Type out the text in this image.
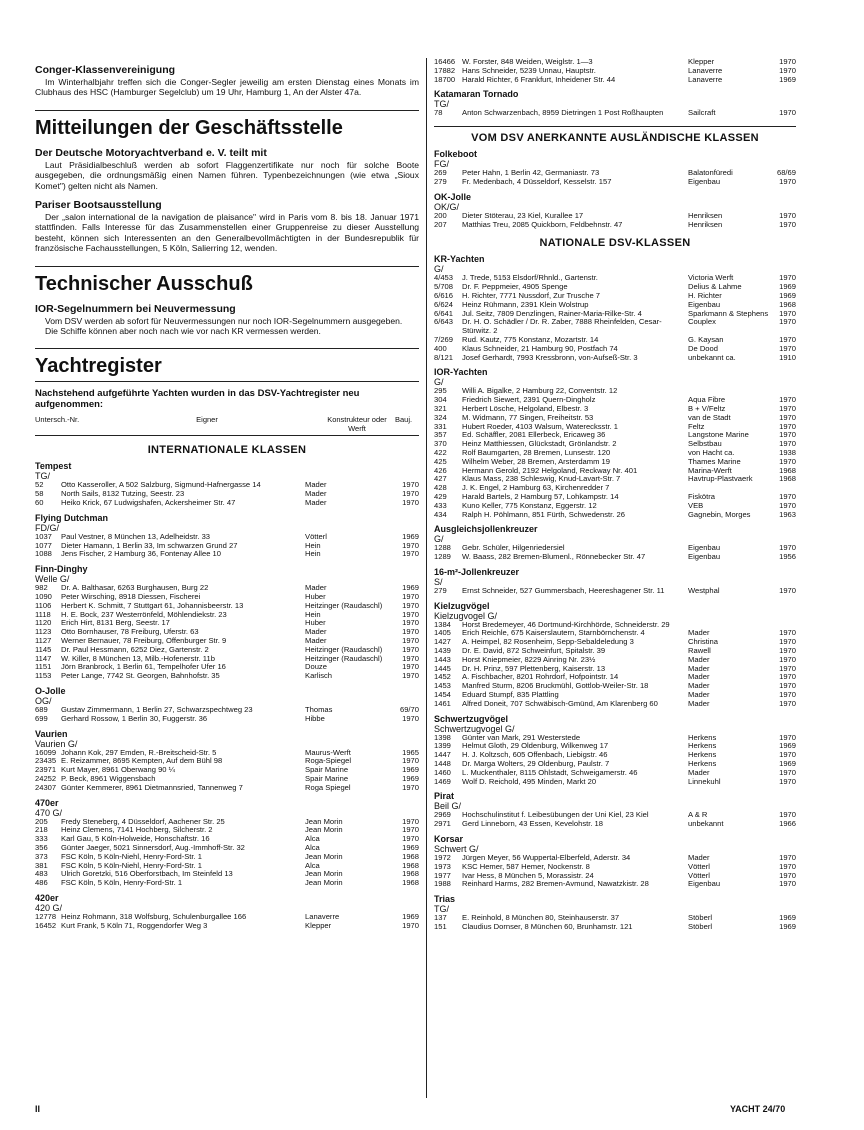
Conger-Klassenvereinigung

Im Winterhalbjahr treffen sich die Conger-Segler jeweilig am ersten Dienstag eines Monats im Clubhaus des HSC (Hamburger Segelclub) um 19 Uhr, Hamburg 1, An der Alster 47a.

Mitteilungen der Geschäftsstelle
Der Deutsche Motoryachtverband e. V. teilt mit

Laut Präsidialbeschluß werden ab sofort Flaggenzertifikate nur noch für solche Boote ausgegeben, die ordnungsmäßig einen Namen führen. Typenbezeichnungen (wie etwa „Sioux Komet") gelten nicht als Namen.

Pariser Bootsausstellung

Der „salon international de la navigation de plaisance" wird in Paris vom 8. bis 18. Januar 1971 stattfinden. Falls Interesse für das Zusammenstellen einer Gruppenreise zu dieser Ausstellung besteht, können sich Interessenten an den Generalbevollmächtigten in der Bundesrepublik für französische Fachausstellungen, 5 Köln, Salierring 12, wenden.

Technischer Ausschuß
IOR-Segelnummern bei Neuvermessung

Vom DSV werden ab sofort für Neuvermessungen nur noch IOR-Segelnummern ausgegeben.

Die Schiffe können aber noch nach wie vor nach KR vermessen werden.

Yachtregister
Nachstehend aufgeführte Yachten wurden in das DSV-Yachtregister neu aufgenommen:
Untersch.-Nr.	Eigner	Konstrukteur oder Werft
Bauj.
INTERNATIONALE KLASSEN
Tempest
TG/
52	Otto Kasseroller, A 502 Salzburg, Sigmund-Hafnergasse 14	Mader	1970
58	North Sails, 8132 Tutzing, Seestr. 23	Mader	1970
60	Heiko Krick, 67 Ludwigshafen, Ackersheimer Str. 47	Mader	1970
Flying Dutchman
FD/G/
1037	Paul Vestner, 8 München 13, Adelheidstr. 33	Vötterl	1969
1077	Dieter Hamann, 1 Berlin 33, Im schwarzen Grund 27	Hein	1970
1088	Jens Fischer, 2 Hamburg 36, Fontenay Allee 10	Hein	1970
Finn-Dinghy
Welle G/
982	Dr. A. Balthasar, 6263 Burghausen, Burg 22	Mader	1969
1090	Peter Wirsching, 8918 Diessen, Fischerei	Huber	1970
1106	Herbert K. Schmitt, 7 Stuttgart 61, Johannisbeerstr. 13	Heitzinger (Raudaschl)	1970
1118	H. E. Bock, 237 Westerrönfeld, Möhlendiekstr. 23	Hein	1970
1120	Erich Hirt, 8131 Berg, Seestr. 17	Huber	1970
1123	Otto Bornhauser, 78 Freiburg, Uferstr. 63	Mader	1970
1127	Werner Bernauer, 78 Freiburg, Offenburger Str. 9	Mader	1970
1145	Dr. Paul Hessmann, 6252 Diez, Gartenstr. 2	Heitzinger (Raudaschl)	1970
1147	W. Killer, 8 München 13, Milb.-Hofenerstr. 11b	Heitzinger (Raudaschl)	1970
1151	Jörn Branbrock, 1 Berlin 61, Tempelhofer Ufer 16	Douze	1970
1153	Peter Lange, 7742 St. Georgen, Bahnhofstr. 35	Karlisch	1970
O-Jolle
OG/
689	Gustav Zimmermann, 1 Berlin 27, Schwarzspechtweg 23	Thomas	69/70
699	Gerhard Rossow, 1 Berlin 30, Fuggerstr. 36	Hibbe	1970
Vaurien
Vaurien G/
16099 Johann Kok, 297 Emden, R.-Breitscheid-Str. 5	Maurus-Werft	1965
23435 E. Reizammer, 8695 Kempten, Auf dem Bühl 98	Roga-Spiegel	1970
23971 Kurt Mayer, 8961 Oberwang 90 ¼	Spair Marine	1969
24252 P. Beck, 8961 Wiggensbach	Spair Marine	1969
24307 Günter Kemmerer, 8961 Dietmannsried, Tannenweg 7	Roga Spiegel	1970
470er
470 G/
205	Fredy Steneberg, 4 Düsseldorf, Aachener Str. 25	Jean Morin	1970
218	Heinz Clemens, 7141 Hochberg, Silcherstr. 2	Jean Morin	1970
333	Karl Gau, 5 Köln-Holweide, Honschaftstr. 16	Alca	1970
356	Günter Jaeger, 5021 Sinnersdorf, Aug.-Immhoff-Str. 32	Alca	1969
373	FSC Köln, 5 Köln-Niehl, Henry-Ford-Str. 1	Jean Morin	1968
381	FSC Köln, 5 Köln-Niehl, Henry-Ford-Str. 1	Alca	1968
483	Ulrich Goretzki, 516 Oberforstbach, Im Steinfeld 13	Jean Morin	1968
486	FSC Köln, 5 Köln, Henry-Ford-Str. 1	Jean Morin	1968
420er
420 G/
12778 Heinz Rohmann, 318 Wolfsburg, Schulenburgallee 166	Lanaverre	1969
16452 Kurt Frank, 5 Köln 71, Roggendorfer Weg 3	Klepper	1970
16466 W. Forster, 848 Weiden, Weiglstr. 1—3	Klepper	1970
17882 Hans Schneider, 5239 Unnau, Hauptstr.	Lanaverre	1970
18700 Harald Richter, 6 Frankfurt, Inheidener Str. 44	Lanaverre	1969
Katamaran Tornado
TG/
78	Anton Schwarzenbach, 8959 Dietringen 1 Post Roßhaupten	Sailcraft	1970
VOM DSV ANERKANNTE AUSLÄNDISCHE KLASSEN
Folkeboot
FG/
269	Peter Hahn, 1 Berlin 42, Germaniastr. 73	Balatonfüredi	68/69
279	Fr. Medenbach, 4 Düsseldorf, Kesselstr. 157	Eigenbau	1970
OK-Jolle
OK/G/
200	Dieter Stöterau, 23 Kiel, Kurallee 17	Henriksen	1970
207	Matthias Treu, 2085 Quickborn, Feldbehnstr. 47	Henriksen	1970
NATIONALE DSV-KLASSEN
KR-Yachten
G/
4/453	J. Trede, 5153 Elsdorf/Rhnld., Gartenstr.	Victoria Werft	1970
5/708	Dr. F. Peppmeier, 4905 Spenge	Delius & Lahme	1969
6/616	H. Richter, 7771 Nussdorf, Zur Trusche 7	H. Richter	1969
6/624	Heinz Rühmann, 2391 Klein Wolstrup	Eigenbau	1968
6/641	Jul. Seitz, 7809 Denzlingen, Rainer-Maria-Rilke-Str. 4	Sparkmann & Stephens	1970
6/643	Dr. H. O. Schädler / Dr. R. Zaber, 7888 Rheinfelden, Cesar-Stürwitz. 2
Couplex	1970
7/269	Rud. Kautz, 775 Konstanz, Mozartstr. 14	G. Kaysan	1970
400	Klaus Schneider, 21 Hamburg 90, Postfach 74	De Dood	1970
8/121	Josef Gerhardt, 7993 Kressbronn, von-Aufseß-Str. 3	unbekannt ca.	1910
IOR-Yachten
G/
295	Willi A. Bigalke, 2 Hamburg 22, Conventstr. 12
304	Friedrich Siewert, 2391 Quern-Dingholz	Aqua Fibre	1970
321	Herbert Lösche, Helgoland, Elbestr. 3	B + V/Feltz	1970
324	M. Widmann, 77 Singen, Freiheitstr. 53	van de Stadt	1970
331	Hubert Roeder, 4103 Walsum, Waterecksstr. 1	Feltz	1970
357	Ed. Schäffler, 2081 Ellerbeck, Ericaweg 36	Langstone Marine	1970
370	Heinz Matthiessen, Glückstadt, Grönlandstr. 2	Selbstbau	1970
422	Rolf Baumgarten, 28 Bremen, Lunsestr. 120	von Hacht ca.	1938
425	Wilhelm Weber, 28 Bremen, Arsterdamm 19	Thames Marine	1970
426	Hermann Gerold, 2192 Helgoland, Reckway Nr. 401	Marina-Werft	1968
427	Klaus Mass, 238 Schleswig, Knud-Lavart-Str. 7	Havtrup-Plastvaerk	1968
428	J. K. Engel, 2 Hamburg 63, Kirchenredder 7
429	Harald Bartels, 2 Hamburg 57, Lohkampstr. 14	Fiskötra	1970
433	Kuno Keller, 775 Konstanz, Eggerstr. 12	VEB	1970
434	Ralph H. Pöhlmann, 851 Fürth, Schwedenstr. 26	Gagnebin, Morges	1963
Ausgleichsjollenkreuzer
G/
1288	Gebr. Schüler, Hilgenriedersiel	Eigenbau	1970
1289	W. Baass, 282 Bremen-Blumenl., Rönnebecker Str. 47	Eigenbau	1956
16-m²-Jollenkreuzer
S/
279	Ernst Schneider, 527 Gummersbach, Heereshagener Str. 11	Westphal	1970
Kielzugvögel
Kielzugvogel G/
1384	Horst Bredemeyer, 46 Dortmund-Kirchhörde, Schneiderstr. 29
1405	Erich Reichle, 675 Kaiserslautern, Starnbörnchenstr. 4	Mader	1970
1427	A. Heimpel, 82 Rosenheim, Sepp-Sebaldeledung 3	Christina	1970
1439	Dr. E. David, 872 Schweinfurt, Spitalstr. 39	Rawell	1970
1443	Horst Kniepmeier, 8229 Ainring Nr. 23½	Mader	1970
1445	Dr. H. Prinz, 597 Plettenberg, Kaiserstr. 13	Mader	1970
1452	A. Fischbacher, 8201 Rohrdorf, Hofpointstr. 14	Mader	1970
1453	Manfred Sturm, 8206 Bruckmühl, Gottlob-Weiler-Str. 18	Mader	1970
1454	Eduard Stumpf, 835 Plattling	Mader	1970
1461	Alfred Doneit, 707 Schwäbisch-Gmünd, Am Klarenberg 60	Mader	1970
Schwertzugvögel
Schwertzugvogel G/
1398	Günter van Mark, 291 Westerstede	Herkens	1970
1399	Helmut Gloth, 29 Oldenburg, Wilkenweg 17	Herkens	1969
1447	H. J. Koltzsch, 605 Offenbach, Liebigstr. 46	Herkens	1970
1448	Dr. Marga Wolters, 29 Oldenburg, Paulstr. 7	Herkens	1969
1460	L. Muckenthaler, 8115 Ohlstadt, Schweigamerstr. 46	Mader	1970
1469	Wolf D. Reichold, 495 Minden, Markt 20	Linnekuhl	1970
Pirat
Beil G/
2969	Hochschulinstitut f. Leibesübungen der Uni Kiel, 23 Kiel	A & R	1970
2971	Gerd Linneborn, 43 Essen, Kevelohstr. 18	unbekannt	1966
Korsar
Schwert G/
1972	Jürgen Meyer, 56 Wuppertal-Elberfeld, Aderstr. 34	Mader	1970
1973	KSC Hemer, 587 Hemer, Nockenstr. 8	Vötterl	1970
1977	Ivar Hess, 8 München 5, Morassistr. 24	Vötterl	1970
1988	Reinhard Harms, 282 Bremen-Avmund, Nawatzkistr. 28	Eigenbau	1970
Trias
TG/
137	E. Reinhold, 8 München 80, Steinhauserstr. 37	Stöberl	1969
151	Claudius Dornser, 8 München 60, Brunhamstr. 121	Stöberl	1969
II	YACHT 24/70
